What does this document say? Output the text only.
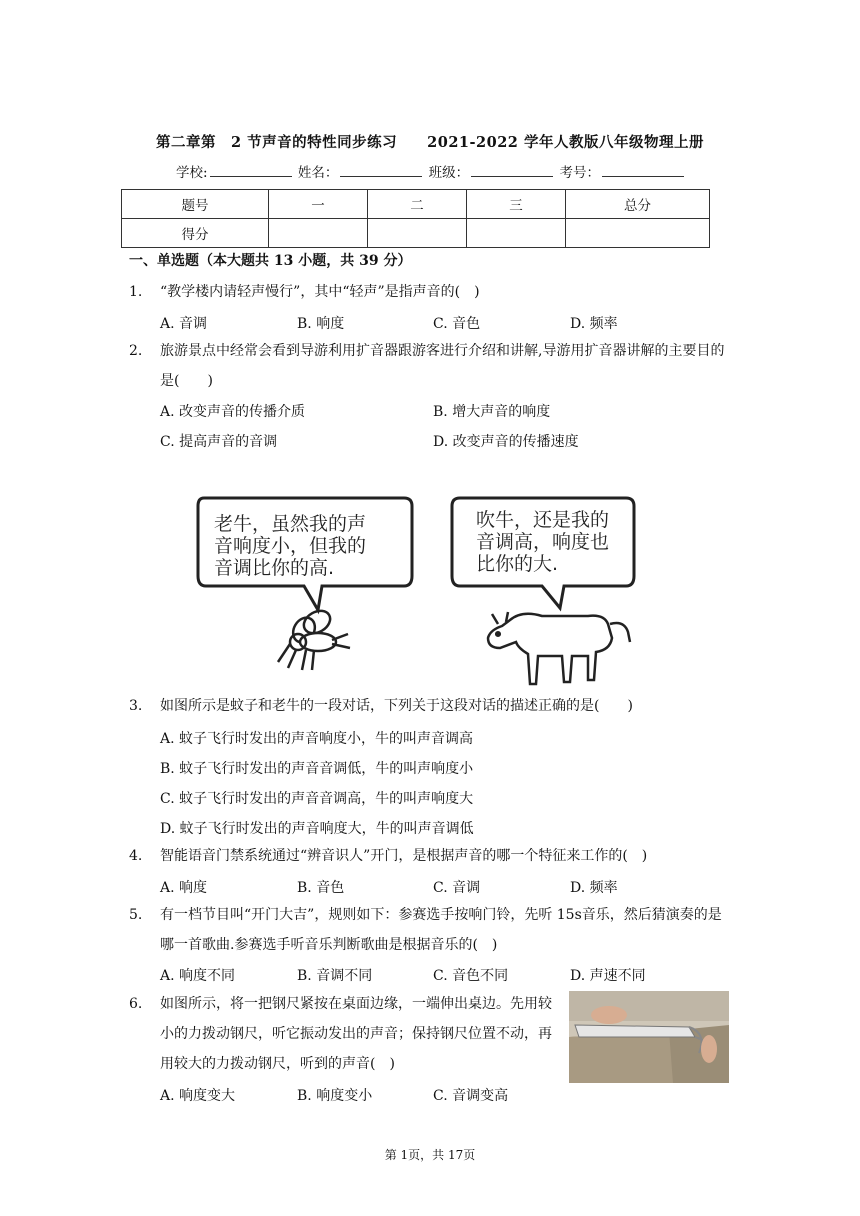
第二章第　2 节声音的特性同步练习　　2021-2022 学年人教版八年级物理上册
学校:	姓名：	班级：	考号：
题号	一	二	三	总分
得分				
一、单选题（本大题共 13 小题，共 39 分）
1. “教学楼内请轻声慢行”，其中“轻声”是指声音的(　)
A. 音调	B. 响度	C. 音色	D. 频率
2. 旅游景点中经常会看到导游利用扩音器跟游客进行介绍和讲解,导游用扩音器讲解的主要目的是(　　)
A. 改变声音的传播介质	B. 增大声音的响度
C. 提高声音的音调	D. 改变声音的传播速度
老牛，虽然我的声
音响度小，但我的
音调比你的高.
吹牛，还是我的
音调高，响度也
比你的大.
3. 如图所示是蚊子和老牛的一段对话，下列关于这段对话的描述正确的是(　　)
A. 蚊子飞行时发出的声音响度小，牛的叫声音调高
B. 蚊子飞行时发出的声音音调低，牛的叫声响度小
C. 蚊子飞行时发出的声音音调高，牛的叫声响度大
D. 蚊子飞行时发出的声音响度大，牛的叫声音调低
4. 智能语音门禁系统通过“辨音识人”开门，是根据声音的哪一个特征来工作的(　)
A. 响度	B. 音色	C. 音调	D. 频率
5. 有一档节目叫“开门大吉”，规则如下：参赛选手按响门铃，先听 15s音乐，然后猜演奏的是哪一首歌曲.参赛选手听音乐判断歌曲是根据音乐的(　)
A. 响度不同	B. 音调不同	C. 音色不同	D. 声速不同
6. 如图所示，将一把钢尺紧按在桌面边缘，一端伸出桌边。先用较小的力拨动钢尺，听它振动发出的声音；保持钢尺位置不动，再用较大的力拨动钢尺，听到的声音(　)
A. 响度变大	B. 响度变小	C. 音调变高
第 1页，共 17页
